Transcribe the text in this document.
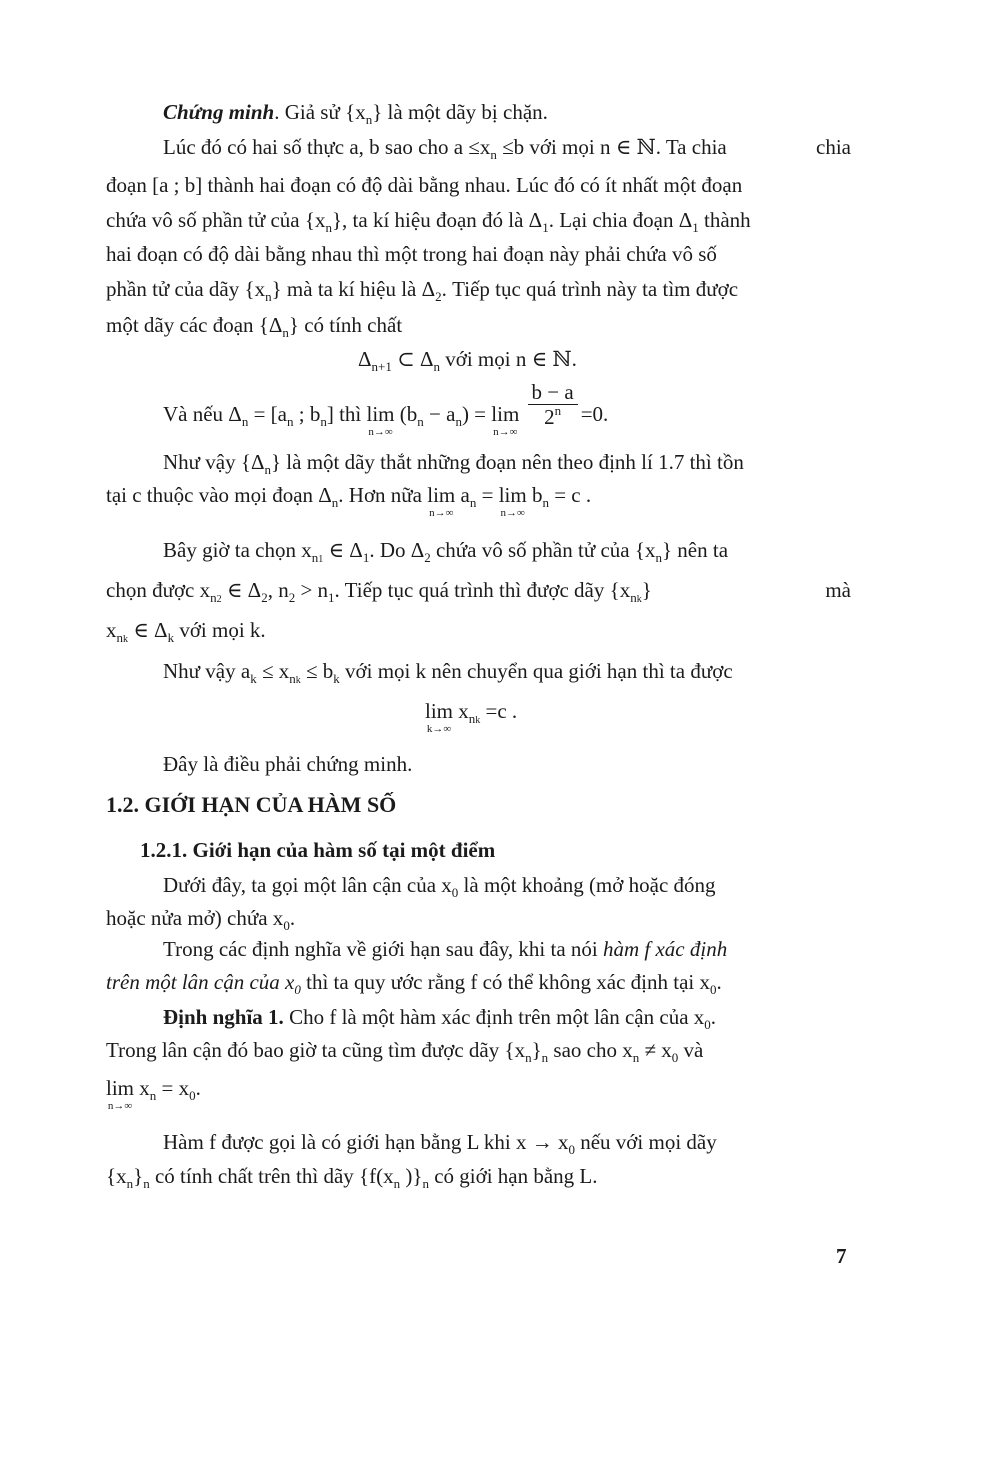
Chứng minh. Giả sử $\{x_n\}$ là một dãy bị chặn.
Lúc đó có hai số thực a, b sao cho $a \le x_n \le b$ với mọi n ∈ ℕ. Ta chia	chia
đoạn [a ; b] thành hai đoạn có độ dài bằng nhau. Lúc đó có ít nhất một đoạn
chứa vô số phần tử của $\{x_n\}$, ta kí hiệu đoạn đó là $\Delta_1$. Lại chia đoạn $\Delta_1$ thành
hai đoạn có độ dài bằng nhau thì một trong hai đoạn này phải chứa vô số
phần tử của dãy $\{x_n\}$ mà ta kí hiệu là $\Delta_2$. Tiếp tục quá trình này ta tìm được
một dãy các đoạn $\{\Delta_n\}$ có tính chất
$\Delta_{n+1}$ ⊂ $\Delta_n$ với mọi n ∈ ℕ.
Và nếu $\Delta_n = [a_n$ ; $b_n$] thì lim
n→∞
$(b_n - a_n) = \lim$
n→∞

$\frac{b - a}{2^n} =0$.
Như vậy $\{\Delta_n\}$ là một dãy thắt những đoạn nên theo định lí 1.7 thì tồn
tại c thuộc vào mọi đoạn $\Delta_n$. Hơn nữa lim
n→∞
$a_n = \lim$
n→∞
$b_n = c$ .
Bây giờ ta chọn $x_{n1}$ ∈ $\Delta_1$. Do $\Delta_2$ chứa vô số phần tử của $\{x_n\}$ nên ta
chọn được $x_{n2}$ ∈ $\Delta_2$, $n_2 > n_1$. Tiếp tục quá trình thì được dãy $\{x_{nk}\}$	mà
$x_{nk}$ ∈ $\Delta_k$ với mọi k.
Như vậy $a_k \le x_{nk} \le b_k$ với mọi k nên chuyển qua giới hạn thì ta được
lim
k→∞
$x_{nk} =c$ .
Đây là điều phải chứng minh.
1.2. GIỚI HẠN CỦA HÀM SỐ
1.2.1. Giới hạn của hàm số tại một điểm
Dưới đây, ta gọi một lân cận của $x_0$ là một khoảng (mở hoặc đóng
hoặc nửa mở) chứa $x_0$.
Trong các định nghĩa về giới hạn sau đây, khi ta nói hàm f xác định
trên một lân cận của $x_0$ thì ta quy ước rằng f có thể không xác định tại $x_0$.
Định nghĩa 1. Cho f là một hàm xác định trên một lân cận của $x_0$.
Trong lân cận đó bao giờ ta cũng tìm được dãy $\{x_n\}_n$ sao cho $x_n \ne x_0$ và
lim
n→∞
$x_n = x_0$.
Hàm f được gọi là có giới hạn bằng L khi $x \to x_0$ nếu với mọi dãy
$\{x_n\}_n$ có tính chất trên thì dãy {$f(x_n$ )}$_n$ có giới hạn bằng L.
7
